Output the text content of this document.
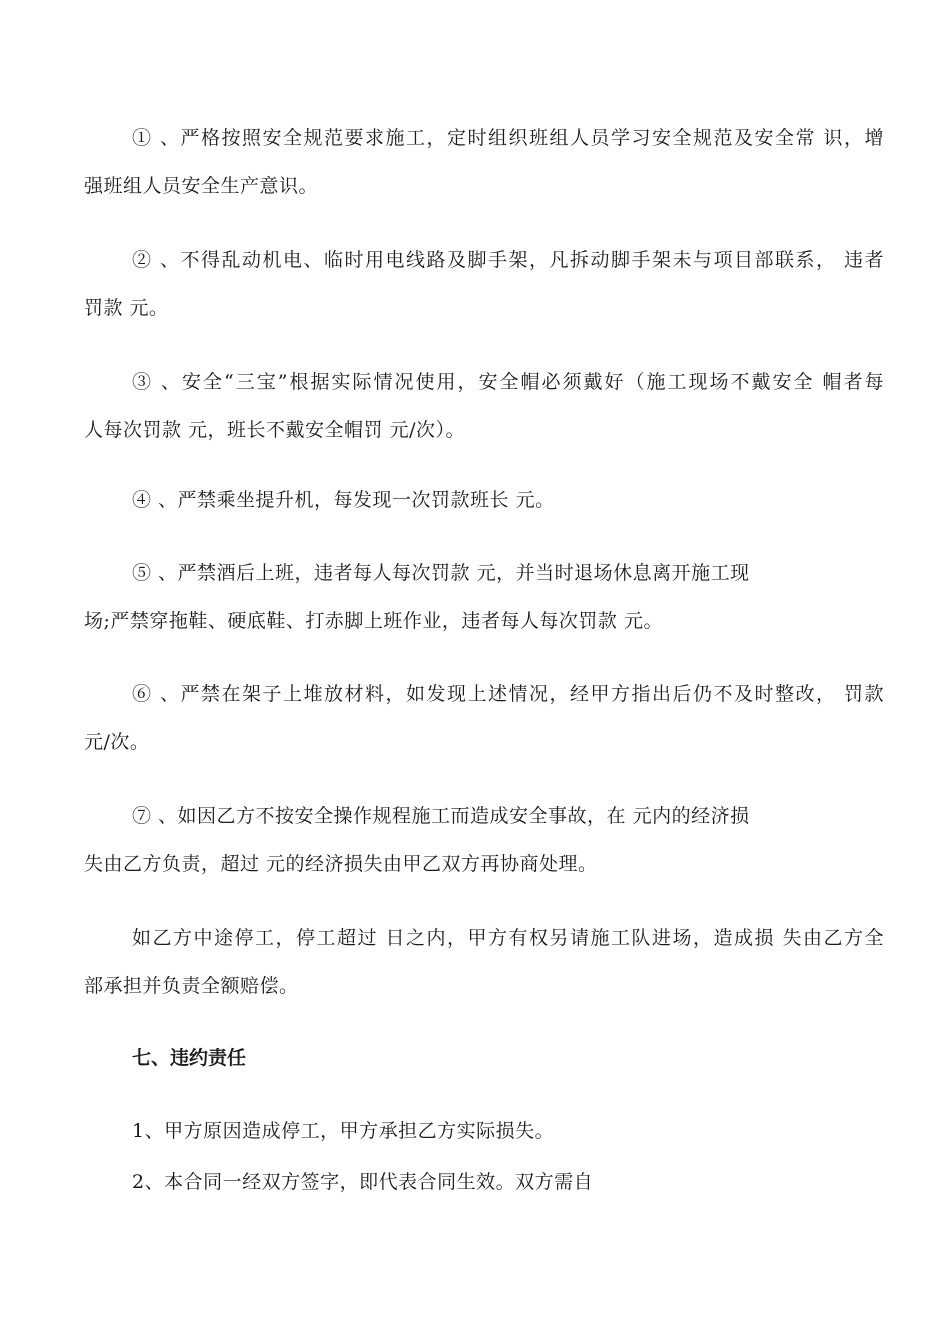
① 、严格按照安全规范要求施工，定时组织班组人员学习安全规范及安全常 识，增
强班组人员安全生产意识。
② 、不得乱动机电、临时用电线路及脚手架，凡拆动脚手架未与项目部联系， 违者
罚款 元。
③ 、安全“三宝”根据实际情况使用，安全帽必须戴好（施工现场不戴安全 帽者每
人每次罚款 元，班长不戴安全帽罚 元/次）。
④ 、严禁乘坐提升机，每发现一次罚款班长 元。
⑤ 、严禁酒后上班，违者每人每次罚款 元，并当时退场休息离开施工现
场;严禁穿拖鞋、硬底鞋、打赤脚上班作业，违者每人每次罚款 元。
⑥ 、严禁在架子上堆放材料，如发现上述情况，经甲方指出后仍不及时整改， 罚款
元/次。
⑦ 、如因乙方不按安全操作规程施工而造成安全事故，在 元内的经济损
失由乙方负责，超过 元的经济损失由甲乙双方再协商处理。
如乙方中途停工，停工超过 日之内，甲方有权另请施工队进场，造成损 失由乙方全
部承担并负责全额赔偿。
七、违约责任

1、甲方原因造成停工，甲方承担乙方实际损失。

2、本合同一经双方签字，即代表合同生效。双方需自
